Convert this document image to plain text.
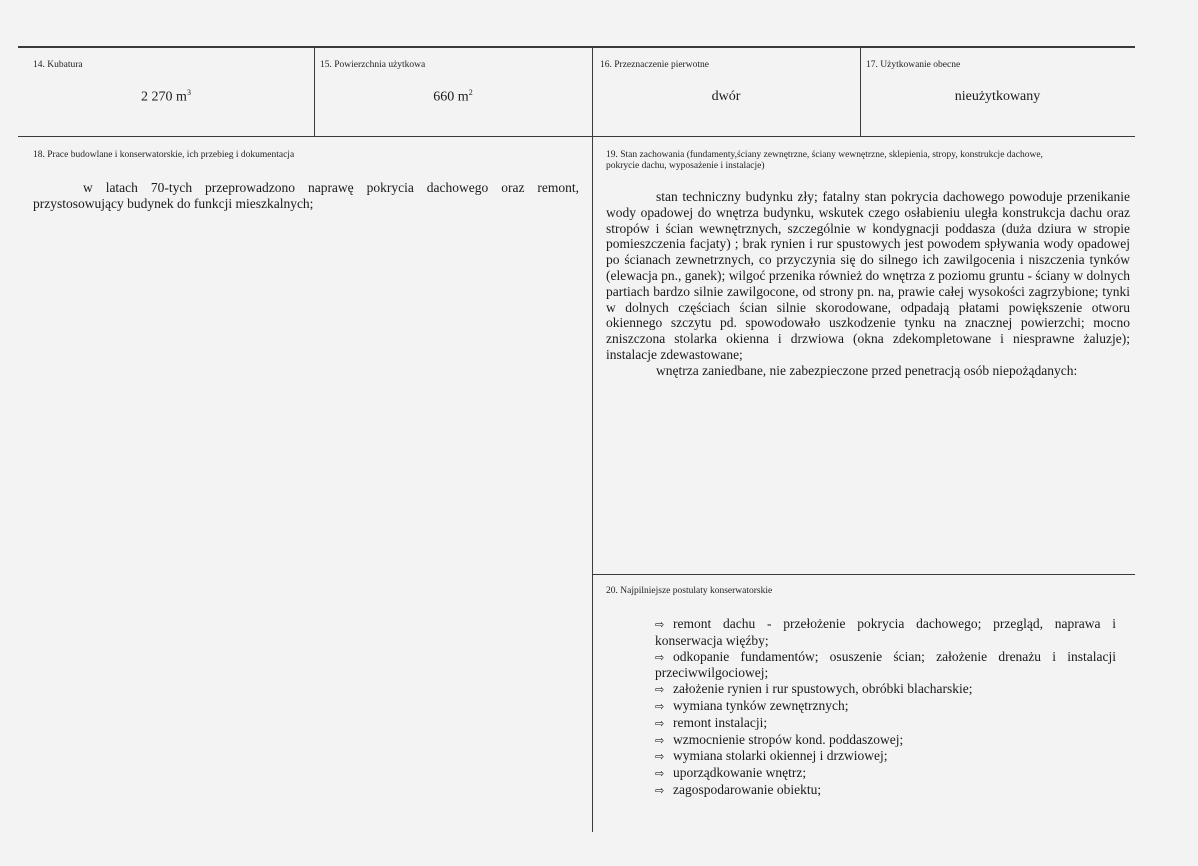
14. Kubatura
2 270 $m^3$
15. Powierzchnia użytkowa
660 $m^2$
16. Przeznaczenie pierwotne
dwór
17. Użytkowanie obecne
nieużytkowany
18. Prace budowlane i konserwatorskie, ich przebieg i dokumentacja

w latach 70-tych przeprowadzono naprawę pokrycia dachowego oraz remont, przystosowujący budynek do funkcji mieszkalnych;

19. Stan zachowania (fundamenty,ściany zewnętrzne, ściany wewnętrzne, sklepienia, stropy, konstrukcje dachowe,
pokrycie dachu, wyposażenie i instalacje)

stan techniczny budynku zły; fatalny stan pokrycia dachowego powoduje przenikanie wody opadowej do wnętrza budynku, wskutek czego osłabieniu uległa konstrukcja dachu oraz stropów i ścian wewnętrznych, szczególnie w kondygnacji poddasza (duża dziura w stropie pomieszczenia facjaty) ; brak rynien i rur spustowych jest powodem spływania wody opadowej po ścianach zewnetrznych, co przyczynia się do silnego ich zawilgocenia i niszczenia tynków (elewacja pn., ganek); wilgoć przenika również do wnętrza z poziomu gruntu - ściany w dolnych partiach bardzo silnie zawilgocone, od strony pn. na, prawie całej wysokości zagrzybione; tynki w dolnych częściach ścian silnie skorodowane, odpadają płatami powiększenie otworu okiennego szczytu pd. spowodowało uszkodzenie tynku na znacznej powierzchi; mocno zniszczona stolarka okienna i drzwiowa (okna zdekompletowane i niesprawne żaluzje); instalacje zdewastowane;

wnętrza zaniedbane, nie zabezpieczone przed penetracją osób niepożądanych:

20. Najpilniejsze postulaty konserwatorskie
⇨ remont dachu - przełożenie pokrycia dachowego; przegląd, naprawa i konserwacja więźby;
⇨ odkopanie fundamentów; osuszenie ścian; założenie drenażu i instalacji przeciwwilgociowej;
⇨ założenie rynien i rur spustowych, obróbki blacharskie;
⇨ wymiana tynków zewnętrznych;
⇨ remont instalacji;
⇨ wzmocnienie stropów kond. poddaszowej;
⇨ wymiana stolarki okiennej i drzwiowej;
⇨ uporządkowanie wnętrz;
⇨ zagospodarowanie obiektu;
